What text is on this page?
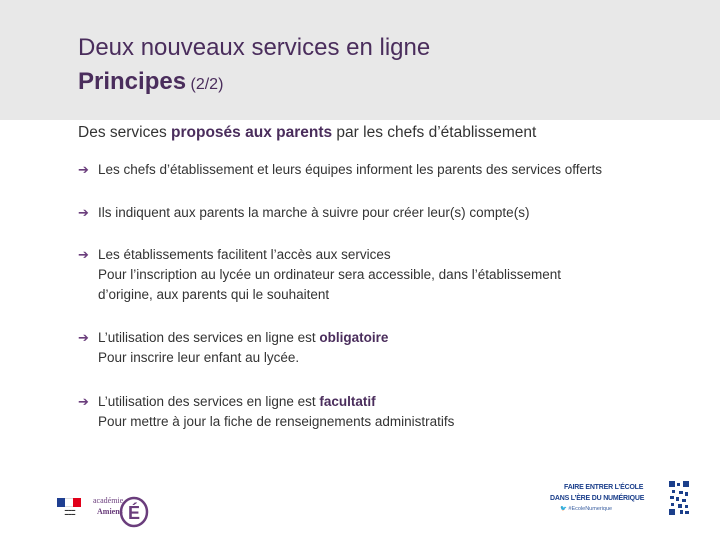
Deux nouveaux services en ligne
Principes (2/2)
Des services proposés aux parents par les chefs d’établissement
➔ Les chefs d’établissement et leurs équipes informent les parents des services offerts
➔ Ils indiquent aux parents la marche à suivre pour créer leur(s) compte(s)
➔ Les établissements facilitent l’accès aux services
Pour l’inscription au lycée un ordinateur sera accessible, dans l’établissement
d’origine, aux parents qui le souhaitent
➔ L’utilisation des services en ligne est obligatoire
Pour inscrire leur enfant au lycée.
➔ L’utilisation des services en ligne est facultatif
Pour mettre à jour la fiche de renseignements administratifs
▬▬▬
▬▬▬
académie
Amiens É
FAIRE ENTRER L’ÉCOLE
DANS L’ÈRE DU NUMÉRIQUE
🐦 #EcoleNumerique
